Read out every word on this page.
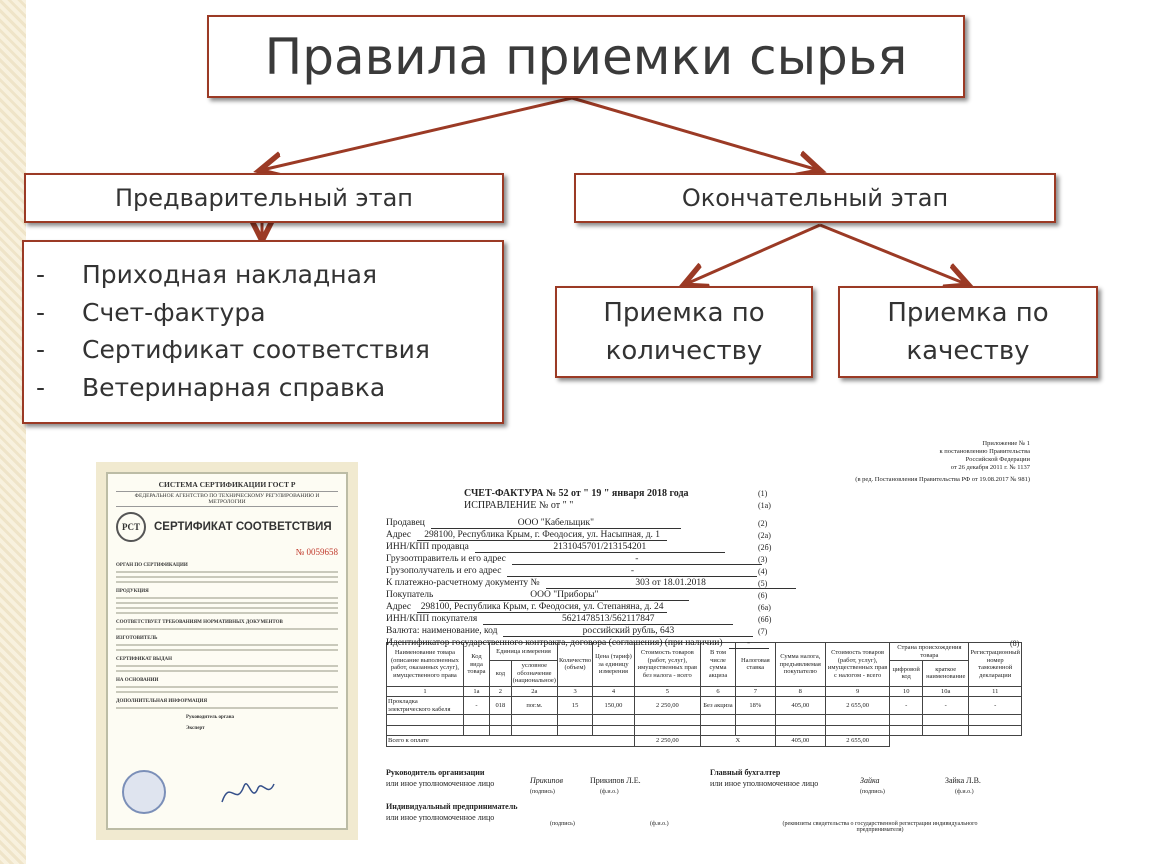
Правила приемки сырья
Предварительный этап	Окончательный этап
-	Приходная накладная
-	Счет-фактура
-	Сертификат соответствия
-	Ветеринарная справка
Приемка по
количеству
Приемка по
качеству
СИСТЕМА СЕРТИФИКАЦИИ ГОСТ Р
ФЕДЕРАЛЬНОЕ АГЕНТСТВО ПО ТЕХНИЧЕСКОМУ РЕГУЛИРОВАНИЮ И МЕТРОЛОГИИ
РСТ	СЕРТИФИКАТ СООТВЕТСТВИЯ
№ 0059658
ОРГАН ПО СЕРТИФИКАЦИИ
ПРОДУКЦИЯ
СООТВЕТСТВУЕТ ТРЕБОВАНИЯМ НОРМАТИВНЫХ ДОКУМЕНТОВ
ИЗГОТОВИТЕЛЬ
СЕРТИФИКАТ ВЫДАН
НА ОСНОВАНИИ
ДОПОЛНИТЕЛЬНАЯ ИНФОРМАЦИЯ
Руководитель органа
Эксперт
Приложение № 1
к постановлению Правительства
Российской Федерации
от 26 декабря 2011 г. № 1137
(в ред. Постановления Правительства РФ от 19.08.2017 № 981)
СЧЕТ-ФАКТУРА № 52 от " 19 " января 2018 года	(1)
ИСПРАВЛЕНИЕ № от " "	(1а)
Наименование товара (описание выполненных работ, оказанных услуг), имущественного права	Код вида товара	Единица измерения		Количество (объем)	Цена (тариф) за единицу измерения	Стоимость товаров (работ, услуг), имущественных прав без налога - всего	В том числе сумма акциза	Налоговая ставка	Сумма налога, предъявляемая покупателю	Стоимость товаров (работ, услуг), имущественных прав с налогом - всего	Страна происхождения товара		Регистрационный номер таможенной декларации
		код	условное обозначение (национальное)								цифровой код	краткое наименование	
1	1а	2	2а	3	4	5	6	7	8	9	10	10а	11
Прокладка электрического кабеля	-	018	пог.м.	15	150,00	2 250,00	Без акциза	18%	405,00	2 655,00	-	-	-

Всего к оплате						2 250,00	Х		405,00	2 655,00			
Руководитель организации
или иное уполномоченное лицо	Прикипов	Прикипов Л.Е.
(подпись)	(ф.и.о.)
Главный бухгалтер
или иное уполномоченное лицо	Зайка	Зайка Л.В.
(подпись)	(ф.и.о.)
Индивидуальный предприниматель
или иное уполномоченное лицо
(подпись)	(ф.и.о.)	(реквизиты свидетельства о государственной регистрации индивидуального предпринимателя)
Продавец	ООО "Кабельщик"	(2)
Адрес 298100, Республика Крым, г. Феодосия, ул. Насыпная, д. 1	(2а)
ИНН/КПП продавца	2131045701/213154201	(2б)
Грузоотправитель и его адрес	-	(3)
Грузополучатель и его адрес	-	(4)
К платежно-расчетному документу №	303 от 18.01.2018	(5)
Покупатель	ООО "Приборы"	(6)
Адрес 298100, Республика Крым, г. Феодосия, ул. Степаняна, д. 24	(6а)
ИНН/КПП покупателя	5621478513/562117847	(6б)
Валюта: наименование, код	российский рубль, 643	(7)
Идентификатор государственного контракта, договора (соглашения) (при наличии)	-	(8)
